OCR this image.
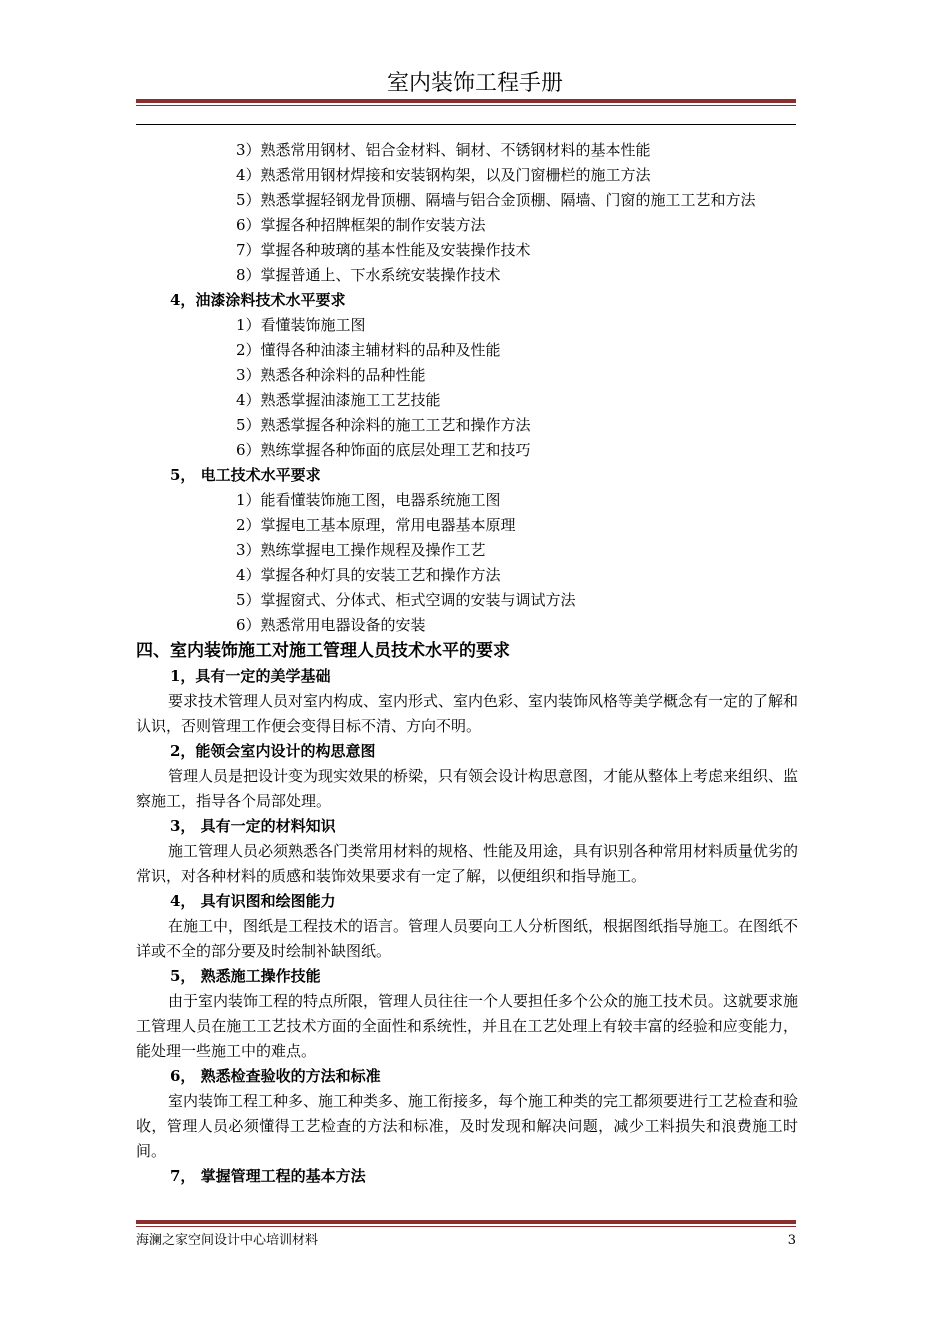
室内装饰工程手册
3）熟悉常用钢材、铝合金材料、铜材、不锈钢材料的基本性能
4）熟悉常用钢材焊接和安装钢构架，以及门窗栅栏的施工方法
5）熟悉掌握轻钢龙骨顶棚、隔墙与铝合金顶棚、隔墙、门窗的施工工艺和方法
6）掌握各种招牌框架的制作安装方法
7）掌握各种玻璃的基本性能及安装操作技术
8）掌握普通上、下水系统安装操作技术
4，油漆涂料技术水平要求
1）看懂装饰施工图
2）懂得各种油漆主辅材料的品种及性能
3）熟悉各种涂料的品种性能
4）熟悉掌握油漆施工工艺技能
5）熟悉掌握各种涂料的施工工艺和操作方法
6）熟练掌握各种饰面的底层处理工艺和技巧
5， 电工技术水平要求
1）能看懂装饰施工图，电器系统施工图
2）掌握电工基本原理，常用电器基本原理
3）熟练掌握电工操作规程及操作工艺
4）掌握各种灯具的安装工艺和操作方法
5）掌握窗式、分体式、柜式空调的安装与调试方法
6）熟悉常用电器设备的安装
四、室内装饰施工对施工管理人员技术水平的要求
1，具有一定的美学基础
要求技术管理人员对室内构成、室内形式、室内色彩、室内装饰风格等美学概念有一定的了解和认识，否则管理工作便会变得目标不清、方向不明。
2，能领会室内设计的构思意图
管理人员是把设计变为现实效果的桥梁，只有领会设计构思意图，才能从整体上考虑来组织、监察施工，指导各个局部处理。
3， 具有一定的材料知识
施工管理人员必须熟悉各门类常用材料的规格、性能及用途，具有识别各种常用材料质量优劣的常识，对各种材料的质感和装饰效果要求有一定了解，以便组织和指导施工。
4， 具有识图和绘图能力
在施工中，图纸是工程技术的语言。管理人员要向工人分析图纸，根据图纸指导施工。在图纸不详或不全的部分要及时绘制补缺图纸。
5， 熟悉施工操作技能
由于室内装饰工程的特点所限，管理人员往往一个人要担任多个公众的施工技术员。这就要求施工管理人员在施工工艺技术方面的全面性和系统性，并且在工艺处理上有较丰富的经验和应变能力，能处理一些施工中的难点。
6， 熟悉检查验收的方法和标准
室内装饰工程工种多、施工种类多、施工衔接多，每个施工种类的完工都须要进行工艺检查和验收，管理人员必须懂得工艺检查的方法和标准，及时发现和解决问题，减少工料损失和浪费施工时间。
7， 掌握管理工程的基本方法
海澜之家空间设计中心培训材料	3
